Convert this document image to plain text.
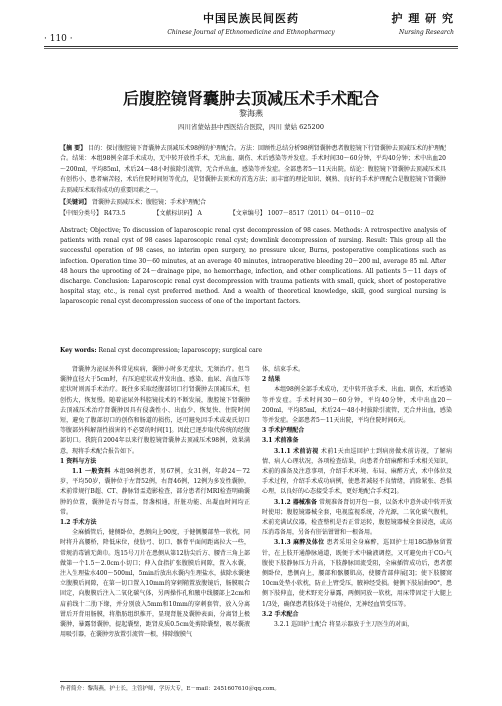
· 110 ·
中国民族民间医药
Chinese Journal of Ethnomedicine and Ethnopharmacy
护 理 研 究
Nursing Research
后腹腔镜肾囊肿去顶减压术手术配合
黎海燕
四川省蒙姑县中西医结合医院，四川 蒙姑 625200
【摘 要】 目的：探讨腹腔镜下肾囊肿去顶减压术98例的护理配合。方法：回顾性总结分析98例肾囊肿患者腹腔镜下行肾囊肿去顶减压术的护理配合。结果：本组98例全部手术成功，无中转开放性手术，无出血、副伤、术后感染等并发症。手术时间30～60分钟，平均40分钟；术中出血20～200ml，平均85ml，术后24～48小时拔除引流管，无合并出血，感染等并发症。全部患者5～11天出院。结论：腹腔镜下肾囊肿去顶减压术具有创伤小，患者痛苦轻，术后住院时间短等优点，是肾囊肿去顶术的首选方法；而丰富的理论知识、娴熟、良好的手术护理配合是腹腔镜下肾囊肿去顶减压术取得成功的重要因素之一。
【关键词】 肾囊肿去顶减压术；腹腔镜；手术护理配合
【中图分类号】 R473.5	【文献标识码】 A	【文章编号】 1007－8517（2011）04－0110－02
Abstract; Objective; To discussion of laparoscopic renal cyst decompression of 98 cases. Methods: A retrospective analysis of patients with renal cyst of 98 cases laparoscopic renal cyst; downlink decompression of nursing. Result: This group all the successful operation of 98 cases, no interim open surgery, no pressure ulcer, Burns, postoperative complications such as infection. Operation time 30～60 minutes, at an average 40 minutes, intraoperative bleeding 20～200 ml, average 85 ml. After 48 hours the uprooting of 24～drainage pipe, no hemorrhage, infection, and other complications. All patients 5～11 days of discharge. Conclusion: Laparoscopic renal cyst decompression with trauma patients with small, quick, short of postoperative hospital stay, etc., is renal cyst preferred method. And a wealth of theoretical knowledge, skill, good surgical nursing is laparoscopic renal cyst decompression success of one of the important factors.
Key words: Renal cyst decompression; laparoscopy; surgical care

肾囊肿为泌尿外科常见疾病，囊肿小时多无症状，无须治疗。但当囊肿直径大于5cm时，有压迫症状或并发出血、感染、血尿、高血压等症状时则需手术治疗。既往多采取经腹部切口行肾囊肿去顶减压术，但创伤大，恢复慢。随着泌尿外科腔镜技术的不断发展，腹腔镜下肾囊肿去顶减压术治疗肾囊肿因具有侵袭性小、出血少、恢复快、住院时间短，避免了腹部切口的创伤和肠道的损伤，还可避免因手术或麦氏切口等腹部外科解剖性损害的不必要的时间[1]。因此已逐步取代传统的经腹部切口。我院自2004年以来行腹腔镜肾囊肿去顶减压术98例，效果满意，现将手术配合报告如下。

1 资料与方法

1.1 一般资料 本组98例患者，男67例，女31例，年龄24～72岁，平均50岁，囊肿位于左肾52例，右肾46例，12例为多发性囊肿，术前常规行B超、CT、静脉肾盂造影检查，部分患者行MRI检查明确囊肿的位置，囊肿是否与肾盂，肾盏相通，肝脏功能、出凝血时间均正常。

1.2 手术方法

全麻插管后，健侧卧位，患侧向上90度，于健侧腰部垫一软枕，同时将升高腰桥，降低床位，使肋弓、切口、髂骨平面间距离拉大一些，常规消毒铺无菌巾。选15号刀片在患侧从第12肋尖后方、腰背三角上部做第一个1.5～2.0cm小切口；伸入食指扩张腹膜后间隙，置入水囊，注入生理盐水400～500ml，5min后放出水囊内生理盐水，拔除水囊建立腹膜后间隙，在第一切口置入10mm的穿刺鞘置放腹镜后，肠膜吸合固定，向腹膜后注入二氧化碳气体，另两操作孔和腋中线腰部上2cm和肩前线十二肋下缘，并分别放入5mm和10mm的穿刺套管，放入分离钳后开背用肠膜，将脂肪组织推开，显现肾脏及囊肿表面，分离肾上极囊肿，暴露肾囊肿，提起囊壁，距肾皮质0.5cm处剪除囊壁，吸尽囊液用吸引器，在囊肿旁放置引流管一根，排除腹膜气

体，结束手术。

2 结果

本组98例全部手术成功，无中转开放手术、出血、副伤，术后感染等并发症。手术时间30～60分钟，平均40分钟，术中出血20～200ml，平均85ml，术后24～48小时拔除引流管，无合并出血，感染等并发症。全部患者5～11天出院，平均住院时间6天。

3 手术护理配合

3.1 术前准备

3.1.1 术前访视 术前1天由巡回护士到病房做术前访视，了解病情、病人心理状况，各项检查结果，向患者介绍麻醉和手术相关知识，术前的准备及注意事项，介绍手术环境、布局、麻醉方式，术中体位及手术过程，介绍手术成功病例，使患者减轻不良情绪，消除紧张、恐惧心理，以良好的心态接受手术，更好地配合手术[2]。

3.1.2 器械准备 常规准备肾切开包一套，以备术中意外或中转开放时使用；腹腔镜器械全套，电视监视系统，冷光源，二氧化碳气腹机，术前充满试仪器，检查整机是否正常运转，腹腔镜器械全套浸泡，或高压消毒备用，另备有肝钻钳钳和一根备用。

3.1.3 麻醉及体位 患者采用全身麻醉，巡回护士用18G静脉留置针，在上肢开通静脉通道，既便于术中输液调控，又可避免由于CO₂气腹使下肢静脉压力升高，下肢静脉回流受阻，全麻插管成功后，患者摆侧卧位，患侧向上，腰部和髂腰肌高，使腰背部伸展[3]；使下肢腰窝10cm处垫小软枕，防止上臂受压，腋神经受损。健侧下肢屈曲90°，患侧下肢伸直，使术野充分暴露，两侧同放一软枕，用床带固定于大腿上1/3处，确保患者肢体处于功能位，无神经血管受压等。

3.2 手术配合

3.2.1 巡回护士配合 将显示器放于主刀医生的对面，

作者简介：黎海燕，护士长，主管护师，学历大专，E－mail：2451607610＠qq.com。
